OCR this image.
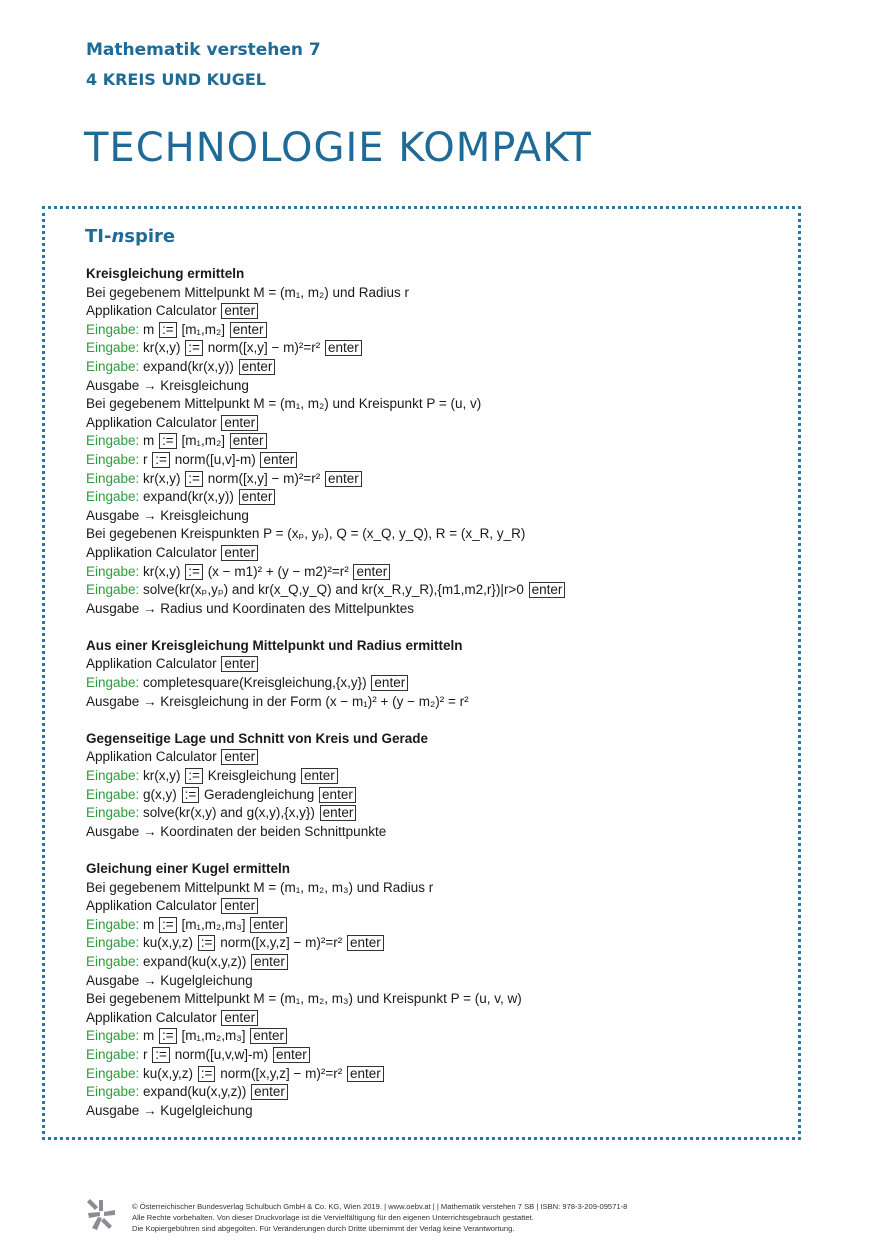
Mathematik verstehen 7
4 KREIS UND KUGEL
TECHNOLOGIE KOMPAKT
TI-nspire
Kreisgleichung ermitteln
Bei gegebenem Mittelpunkt M = (m₁, m₂) und Radius r
Applikation Calculator enter
Eingabe: m := [m₁,m₂] enter
Eingabe: kr(x,y) := norm([x,y] − m)²=r² enter
Eingabe: expand(kr(x,y)) enter
Ausgabe → Kreisgleichung
Bei gegebenem Mittelpunkt M = (m₁, m₂) und Kreispunkt P = (u, v)
Applikation Calculator enter
Eingabe: m := [m₁,m₂] enter
Eingabe: r := norm([u,v]-m) enter
Eingabe: kr(x,y) := norm([x,y] − m)²=r² enter
Eingabe: expand(kr(x,y)) enter
Ausgabe → Kreisgleichung
Bei gegebenen Kreispunkten P = (xₚ, yₚ), Q = (x_Q, y_Q), R = (x_R, y_R)
Applikation Calculator enter
Eingabe: kr(x,y) := (x − m1)² + (y − m2)²=r² enter
Eingabe: solve(kr(xₚ,yₚ) and kr(x_Q,y_Q) and kr(x_R,y_R),{m1,m2,r})|r>0 enter
Ausgabe → Radius und Koordinaten des Mittelpunktes
Aus einer Kreisgleichung Mittelpunkt und Radius ermitteln
Applikation Calculator enter
Eingabe: completesquare(Kreisgleichung,{x,y}) enter
Ausgabe → Kreisgleichung in der Form (x − m₁)² + (y − m₂)² = r²
Gegenseitige Lage und Schnitt von Kreis und Gerade
Applikation Calculator enter
Eingabe: kr(x,y) := Kreisgleichung enter
Eingabe: g(x,y) := Geradengleichung enter
Eingabe: solve(kr(x,y) and g(x,y),{x,y}) enter
Ausgabe → Koordinaten der beiden Schnittpunkte
Gleichung einer Kugel ermitteln
Bei gegebenem Mittelpunkt M = (m₁, m₂, m₃) und Radius r
Applikation Calculator enter
Eingabe: m := [m₁,m₂,m₃] enter
Eingabe: ku(x,y,z) := norm([x,y,z] − m)²=r² enter
Eingabe: expand(ku(x,y,z)) enter
Ausgabe → Kugelgleichung
Bei gegebenem Mittelpunkt M = (m₁, m₂, m₃) und Kreispunkt P = (u, v, w)
Applikation Calculator enter
Eingabe: m := [m₁,m₂,m₃] enter
Eingabe: r := norm([u,v,w]-m) enter
Eingabe: ku(x,y,z) := norm([x,y,z] − m)²=r² enter
Eingabe: expand(ku(x,y,z)) enter
Ausgabe → Kugelgleichung
© Österreichischer Bundesverlag Schulbuch GmbH & Co. KG, Wien 2019. | www.oebv.at | | Mathematik verstehen 7 SB | ISBN: 978-3-209-09571-8
Alle Rechte vorbehalten. Von dieser Druckvorlage ist die Vervielfältigung für den eigenen Unterrichtsgebrauch gestattet.
Die Kopiergebühren sind abgegolten. Für Veränderungen durch Dritte übernimmt der Verlag keine Verantwortung.
